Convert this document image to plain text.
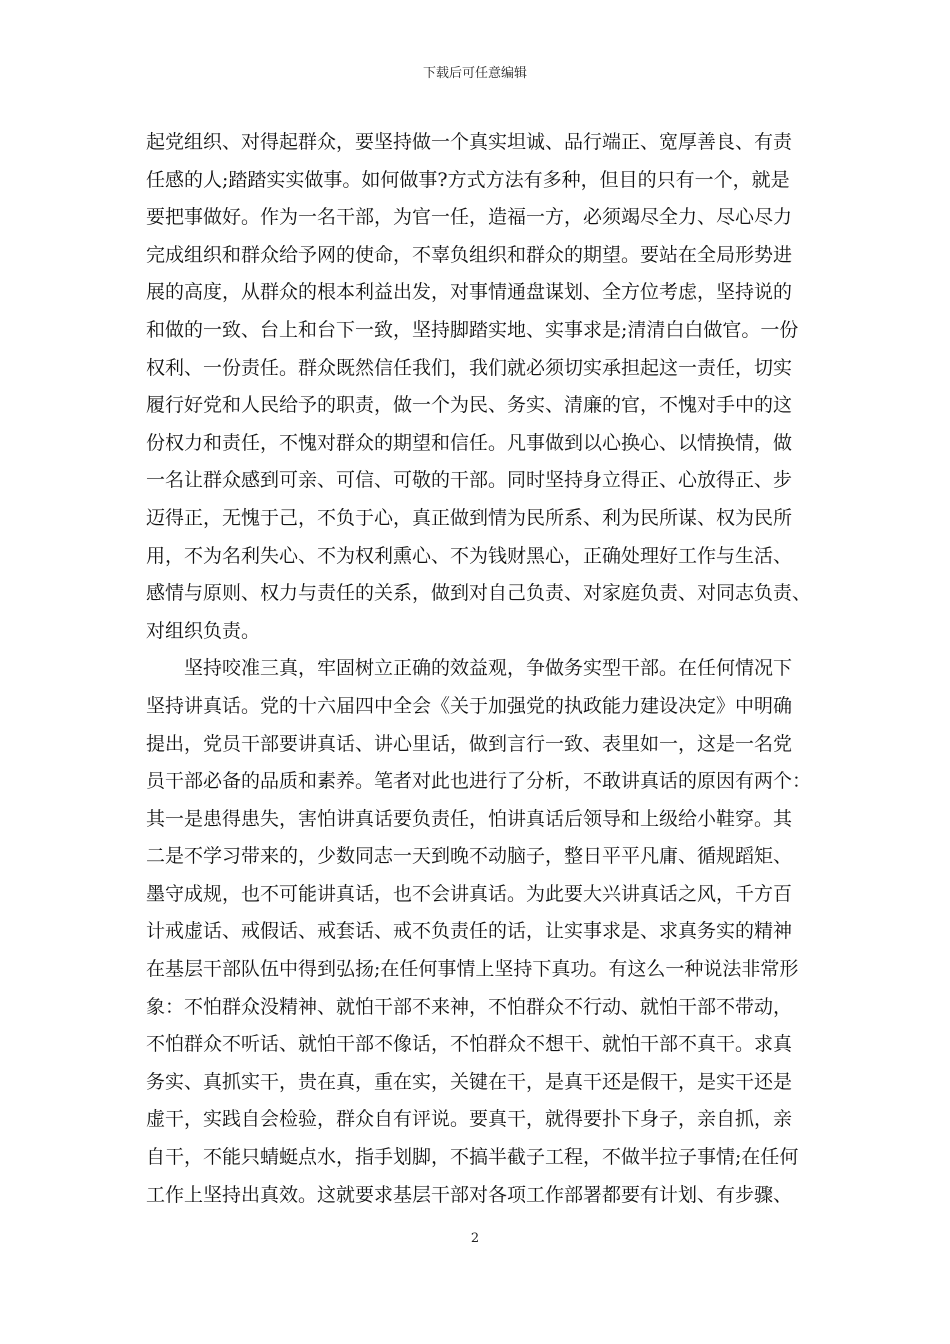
下载后可任意编辑
起党组织、对得起群众，要坚持做一个真实坦诚、品行端正、宽厚善良、有责
任感的人;踏踏实实做事。如何做事?方式方法有多种，但目的只有一个，就是
要把事做好。作为一名干部，为官一任，造福一方，必须竭尽全力、尽心尽力
完成组织和群众给予网的使命，不辜负组织和群众的期望。要站在全局形势进
展的高度，从群众的根本利益出发，对事情通盘谋划、全方位考虑，坚持说的
和做的一致、台上和台下一致，坚持脚踏实地、实事求是;清清白白做官。一份
权利、一份责任。群众既然信任我们，我们就必须切实承担起这一责任，切实
履行好党和人民给予的职责，做一个为民、务实、清廉的官，不愧对手中的这
份权力和责任，不愧对群众的期望和信任。凡事做到以心换心、以情换情，做
一名让群众感到可亲、可信、可敬的干部。同时坚持身立得正、心放得正、步
迈得正，无愧于己，不负于心，真正做到情为民所系、利为民所谋、权为民所
用，不为名利失心、不为权利熏心、不为钱财黑心，正确处理好工作与生活、
感情与原则、权力与责任的关系，做到对自己负责、对家庭负责、对同志负责、
对组织负责。
　　坚持咬准三真，牢固树立正确的效益观，争做务实型干部。在任何情况下
坚持讲真话。党的十六届四中全会《关于加强党的执政能力建设决定》中明确
提出，党员干部要讲真话、讲心里话，做到言行一致、表里如一，这是一名党
员干部必备的品质和素养。笔者对此也进行了分析，不敢讲真话的原因有两个：
其一是患得患失，害怕讲真话要负责任，怕讲真话后领导和上级给小鞋穿。其
二是不学习带来的，少数同志一天到晚不动脑子，整日平平凡庸、循规蹈矩、
墨守成规，也不可能讲真话，也不会讲真话。为此要大兴讲真话之风，千方百
计戒虚话、戒假话、戒套话、戒不负责任的话，让实事求是、求真务实的精神
在基层干部队伍中得到弘扬;在任何事情上坚持下真功。有这么一种说法非常形
象：不怕群众没精神、就怕干部不来神，不怕群众不行动、就怕干部不带动，
不怕群众不听话、就怕干部不像话，不怕群众不想干、就怕干部不真干。求真
务实、真抓实干，贵在真，重在实，关键在干，是真干还是假干，是实干还是
虚干，实践自会检验，群众自有评说。要真干，就得要扑下身子，亲自抓，亲
自干，不能只蜻蜓点水，指手划脚，不搞半截子工程，不做半拉子事情;在任何
工作上坚持出真效。这就要求基层干部对各项工作部署都要有计划、有步骤、
2
